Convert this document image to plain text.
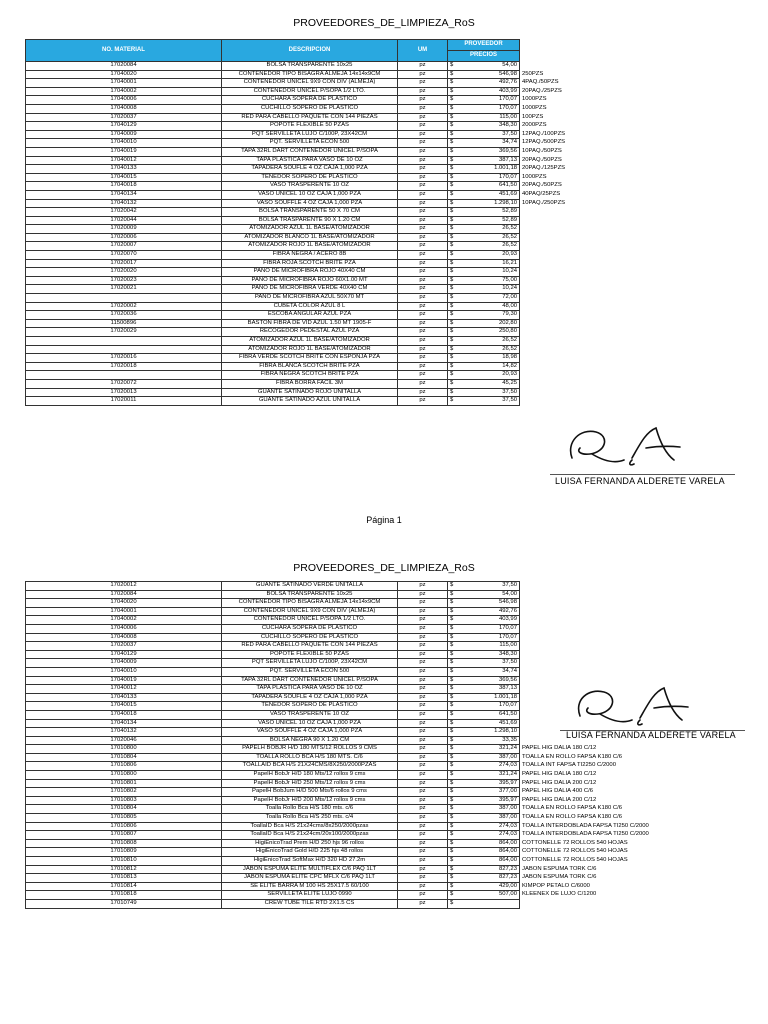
PROVEEDORES_DE_LIMPIEZA_RoS
NO. MATERIAL	DESCRIPCION	UM	PROVEEDOR		
			PRECIOS		
17020084	BOLSA TRANSPARENTE 10x25	pz	$	54,00	
17040020	CONTENEDOR TIPO BISAGRA ALMEJA 14x14x9CM	pz	$	546,98	250PZS
17040001	CONTENEDOR UNICEL 9X9 CON DIV (ALMEJA)	pz	$	492,76	4PAQ./50PZS
17040002	CONTENEDOR UNICEL P/SOPA 1/2 LTO.	pz	$	403,99	20PAQ./25PZS
17040006	CUCHARA SOPERA DE PLASTICO	pz	$	170,07	1000PZS
17040008	CUCHILLO SOPERO DE PLASTICO	pz	$	170,07	1000PZS
17020037	RED PARA CABELLO PAQUETE CON 144 PIEZAS	pz	$	115,00	100PZS
17040129	POPOTE FLEXIBLE 50 PZAS	pz	$	348,30	2000PZS
17040009	PQT SERVILLETA LUJO C/100P, 23X42CM	pz	$	37,50	12PAQ./100PZS
17040010	PQT. SERVILLETA ECON 500	pz	$	34,74	12PAQ./500PZS
17040019	TAPA 32RL DART CONTENEDOR UNICEL P/SOPA	pz	$	369,56	10PAQ./50PZS
17040012	TAPA PLASTICA PARA VASO DE 10 OZ	pz	$	387,13	20PAQ./50PZS
17040133	TAPADERA SOUFLE 4 OZ CAJA 1,000 PZA	pz	$	1.001,18	20PAQ./125PZS
17040015	TENEDOR SOPERO DE PLASTICO	pz	$	170,07	1000PZS
17040018	VASO TRASPERENTE 10 OZ	pz	$	641,50	20PAQ./50PZS
17040134	VASO UNICEL 10 OZ CAJA 1,000 PZA	pz	$	451,69	40PAQ/25PZS
17040132	VASO SOUFFLE 4 OZ CAJA 1,000 PZA	pz	$	1.298,10	10PAQ./250PZS
17020042	BOLSA TRANSPARENTE 50 X 70 CM	pz	$	52,89	
17020044	BOLSA TRASPARENTE 90 X 1.20 CM	pz	$	52,89	
17020009	ATOMIZADOR AZUL 1L BASE/ATOMIZADOR	pz	$	26,52	
17020006	ATOMIZADOR BLANCO 1L BASE/ATOMIZADOR	pz	$	26,52	
17020007	ATOMIZADOR ROJO 1L BASE/ATOMIZADOR	pz	$	26,52	
17020070	FIBRA NEGRA / ACERO 8B	pz	$	20,93	
17020017	FIBRA ROJA SCOTCH BRITE PZA	pz	$	16,21	
17020020	PANO DE MICROFIBRA ROJO 40X40 CM	pz	$	10,24	
17020023	PANO DE MICROFIBRA ROJO 60X1.00 MT	pz	$	75,00	
17020021	PANO DE MICROFIBRA VERDE 40X40 CM	pz	$	10,24	
	PANO DE MICROFIBRA AZUL 50X70 MT	pz	$	72,00	
17020002	CUBETA COLOR AZUL 8 L	pz	$	48,00	
17020036	ESCOBA ANGULAR AZUL PZA	pz	$	79,30	
11500896	BASTON FIBRA DE VID AZUL 1.50 MT 1905-F	pz	$	202,80	
17020029	RECOGEDOR PEDESTAL AZUL PZA	pz	$	250,80	
	ATOMIZADOR AZUL 1L BASE/ATOMIZADOR	pz	$	26,52	
	ATOMIZADOR ROJO 1L BASE/ATOMIZADOR	pz	$	26,52	
17020016	FIBRA VERDE SCOTCH BRITE CON ESPONJA PZA	pz	$	18,98	
17020018	FIBRA BLANCA SCOTCH BRITE PZA	pz	$	14,82	
	FIBRA NEGRA SCOTCH BRITE PZA	pz	$	20,93	
17020072	FIBRA BORRA FACIL 3M	pz	$	45,25	
17020013	GUANTE SATINADO ROJO UNITALLA	pz	$	37,50	
17020011	GUANTE SATINADO AZUL UNITALLA	pz	$	37,50	
LUISA FERNANDA ALDERETE VARELA
Página 1
PROVEEDORES_DE_LIMPIEZA_RoS
17020012	GUANTE SATINADO VERDE UNITALLA	pz	$	37,50	
17020084	BOLSA TRANSPARENTE 10x25	pz	$	54,00	
17040020	CONTENEDOR TIPO BISAGRA ALMEJA 14x14x9CM	pz	$	546,98	
17040001	CONTENEDOR UNICEL 9X9 CON DIV (ALMEJA)	pz	$	492,76	
17040002	CONTENEDOR UNICEL P/SOPA 1/2 LTO.	pz	$	403,99	
17040006	CUCHARA SOPERA DE PLASTICO	pz	$	170,07	
17040008	CUCHILLO SOPERO DE PLASTICO	pz	$	170,07	
17020037	RED PARA CABELLO PAQUETE CON 144 PIEZAS	pz	$	115,00	
17040129	POPOTE FLEXIBLE 50 PZAS	pz	$	348,30	
17040009	PQT SERVILLETA LUJO C/100P, 23X42CM	pz	$	37,50	
17040010	PQT. SERVILLETA ECON 500	pz	$	34,74	
17040019	TAPA 32RL DART CONTENEDOR UNICEL P/SOPA	pz	$	369,56	
17040012	TAPA PLASTICA PARA VASO DE 10 OZ	pz	$	387,13	
17040133	TAPADERA SOUFLE 4 OZ CAJA 1,000 PZA	pz	$	1.001,18	
17040015	TENEDOR SOPERO DE PLASTICO	pz	$	170,07	
17040018	VASO TRASPERENTE 10 OZ	pz	$	641,50	
17040134	VASO UNICEL 10 OZ CAJA 1,000 PZA	pz	$	451,69	
17040132	VASO SOUFFLE 4 OZ CAJA 1,000 PZA	pz	$	1.298,10	
17020046	BOLSA NEGRA 90 X 1.20 CM	pz	$	33,35	
17010800	PAPELH BOBJR H/D 180 MTS/12 ROLLOS 9 CMS	pz	$	321,24	PAPEL HIG DALIA 180 C/12
17010804	TOALLA ROLLO BCA H/S 180 MTS. C/6	pz	$	387,00	TOALLA EN ROLLO FAPSA K180 C/6
17010806	TOALLAID BCA H/S 21X24CMS/8X250/2000PZAS	pz	$	274,03	TOALLA INT FAPSA TI2250 C/2000
17010800	PapelH BobJr H/D 180 Mts/12 rollos 9 cms	pz	$	321,24	PAPEL HIG DALIA 180 C/12
17010801	PapelH BobJr H/D 250 Mts/12 rollos 9 cms	pz	$	395,97	PAPEL HIG DALIA 200 C/12
17010802	PapelH BobJum H/D 500 Mts/6 rollos 9 cms	pz	$	377,00	PAPEL HIG DALIA 400 C/6
17010803	PapelH BobJr H/D 200 Mts/12 rollos 9 cms	pz	$	395,97	PAPEL HIG DALIA 200 C/12
17010804	Toalla Rollo Bca H/S 180 mts. c/6	pz	$	387,00	TOALLA EN ROLLO FAPSA K180 C/6
17010805	Toalla Rollo Bca H/S 250 mts. c/4	pz	$	387,00	TOALLA EN ROLLO FAPSA K180 C/6
17010806	ToallaID Bca H/S 21x24cms/8x250/2000pzas	pz	$	274,03	TOALLA INTERDOBLADA FAPSA TI250 C/2000
17010807	ToallaID Bca H/S 21x24cm/20x100/2000pzas	pz	$	274,03	TOALLA INTERDOBLADA FAPSA TI250 C/2000
17010808	HigiEnicoTrad Prem H/D 250 hjs 96 rollos	pz	$	864,00	COTTONELLE 72 ROLLOS 540 HOJAS
17010809	HigiEnicoTrad Gold H/D 225 hjs 48 rollos	pz	$	864,00	COTTONELLE 72 ROLLOS 540 HOJAS
17010810	HigiEnicoTrad SoftMax H/D 320 HD 27.2m	pz	$	864,00	COTTONELLE 72 ROLLOS 540 HOJAS
17010812	JABON ESPUMA ELITE MULTIFLEX C/6 PAQ 1LT	pz	$	827,23	JABON ESPUMA TORK C/6
17010813	JABON ESPUMA ELITE CPC MFLX C/6 PAQ 1LT	pz	$	827,23	JABON ESPUMA TORK C/6
17010814	SE ELITE BARRA M 100 HS 25X17.5 60/100	pz	$	429,00	KIMPOP PETALO C/6000
17010818	SERVILLETA ELITE LUJO 0990	pz	$	507,00	KLEENEX DE LUJO C/1200
17010749	CREW TUBE TILE RTD 2X1.5 CS	pz	$		
LUISA FERNANDA ALDERETE VARELA
